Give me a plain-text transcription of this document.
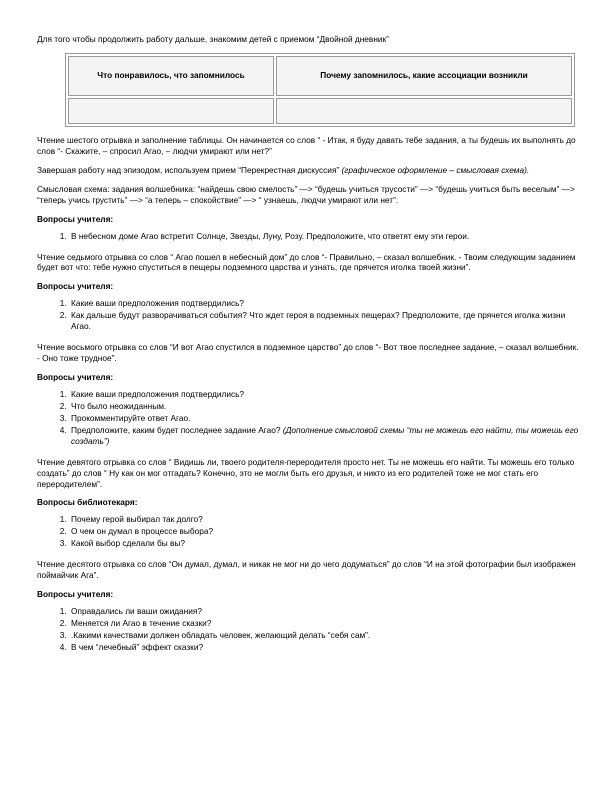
Для того чтобы продолжить работу дальше, знакомим детей с приемом “Двойной дневник”

Что понравилось, что запомнилось	Почему запомнилось, какие ассоциации возникли

Чтение шестого отрывка и заполнение таблицы. Он начинается со слов “ - Итак, я буду давать тебе задания, а ты будешь их выполнять до слов “- Скажите, – спросил Агао, – людчи умирают или нет?”

Завершая работу над эпизодом, используем прием “Перекрестная дискуссия” (графическое оформление – смысловая схема).

Смысловая схема: задания волшебника: “найдешь свою смелость” —> “будешь учиться трусости” —> “будешь учиться быть веселым” —> “теперь учись грустить” —> “а теперь – спокойствие” —> “ узнаешь, людчи умирают или нет”.

Вопросы учителя:

1. В небесном доме Агао встретит Солнце, Звезды, Луну, Розу. Предположите, что ответят ему эти герои.

Чтение седьмого отрывка со слов “ Агао пошел в небесный дом” до слов “- Правильно, – сказал волшебник. - Твоим следующим заданием будет вот что: тебе нужно спуститься в пещеры подземного царства и узнать, где прячется иголка твоей жизни”.

Вопросы учителя:

1. Какие ваши предположения подтвердились?
2. Как дальше будут разворачиваться события? Что ждет героя в подземных пещерах? Предположите, где прячется иголка жизни Агао.

Чтение восьмого отрывка со слов “И вот Агао спустился в подземное царство” до слов “- Вот твое последнее задание, – сказал волшебник. - Оно тоже трудное”.

Вопросы учителя:

1. Какие ваши предположения подтвердились?
2. Что было неожиданным.
3. Прокомментируйте ответ Агао.
4. Предположите, каким будет последнее задание Агао? (Дополнение смысловой схемы “ты не можешь его найти, ты можешь его создать”)

Чтение девятого отрывка со слов “ Видишь ли, твоего родителя-переродителя просто нет. Ты не можешь его найти. Ты можешь его только создать” до слов “ Ну как он мог отгадать? Конечно, это не могли быть его друзья, и никто из его родителей тоже не мог стать его переродителем”.

Вопросы библиотекаря:

1. Почему герой выбирал так долго?
2. О чем он думал в процессе выбора?
3. Какой выбор сделали бы вы?

Чтение десятого отрывка со слов “Он думал, думал, и никак не мог ни до чего додуматься” до слов “И на этой фотографии был изображен поймайчик Ага”.

Вопросы учителя:

1. Оправдались ли ваши ожидания?
2. Меняется ли Агао в течение сказки?
3. .Какими качествами должен обладать человек, желающий делать “себя сам”.
4. В чем “лечебный” эффект сказки?
